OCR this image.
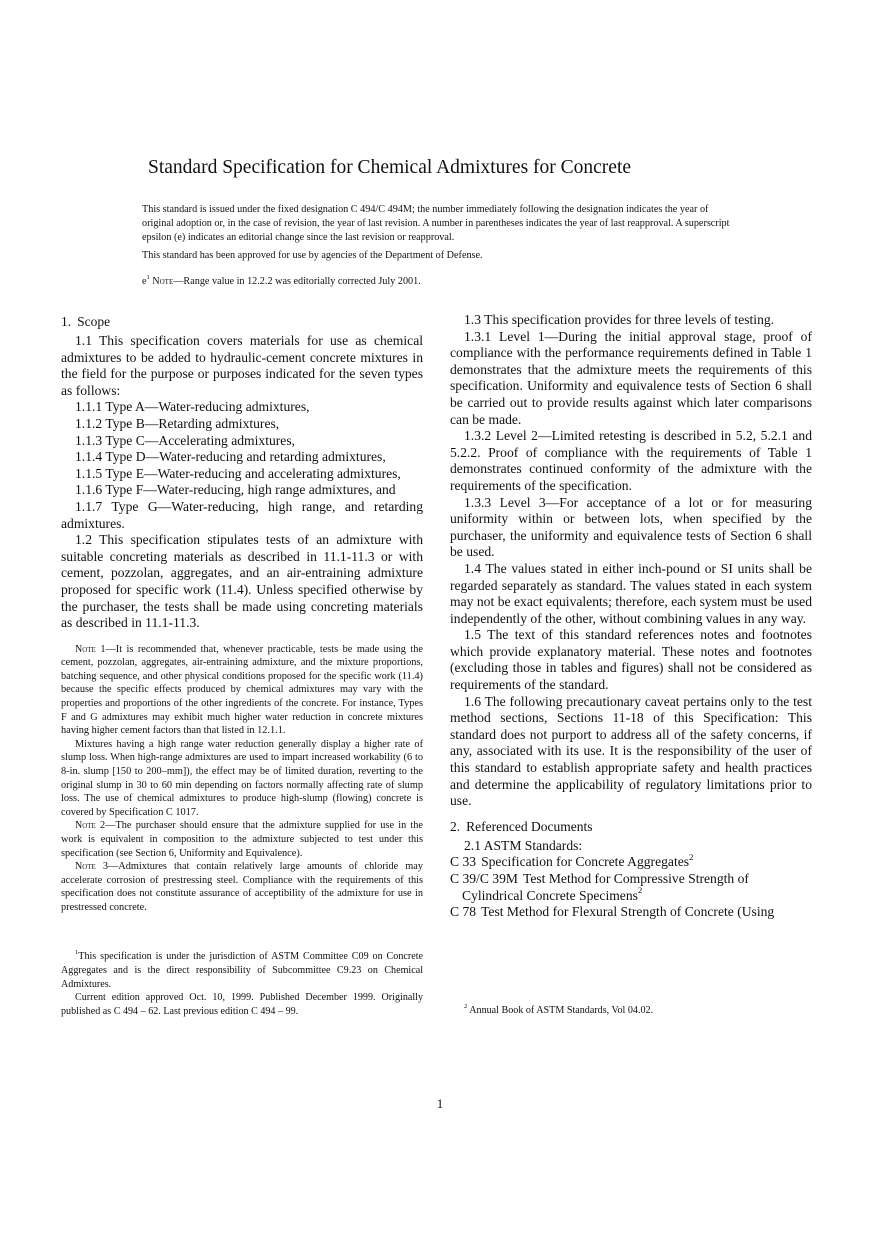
Standard Specification for Chemical Admixtures for Concrete
This standard is issued under the fixed designation C 494/C 494M; the number immediately following the designation indicates the year of original adoption or, in the case of revision, the year of last revision. A number in parentheses indicates the year of last reapproval. A superscript epsilon (e) indicates an editorial change since the last revision or reapproval.
This standard has been approved for use by agencies of the Department of Defense.
$e^1$ Note—Range value in 12.2.2 was editorially corrected July 2001.
1. Scope

1.1 This specification covers materials for use as chemical admixtures to be added to hydraulic-cement concrete mixtures in the field for the purpose or purposes indicated for the seven types as follows:

1.1.1 Type A—Water-reducing admixtures,

1.1.2 Type B—Retarding admixtures,

1.1.3 Type C—Accelerating admixtures,

1.1.4 Type D—Water-reducing and retarding admixtures,

1.1.5 Type E—Water-reducing and accelerating admixtures,

1.1.6 Type F—Water-reducing, high range admixtures, and

1.1.7 Type G—Water-reducing, high range, and retarding admixtures.

1.2 This specification stipulates tests of an admixture with suitable concreting materials as described in 11.1-11.3 or with cement, pozzolan, aggregates, and an air-entraining admixture proposed for specific work (11.4). Unless specified otherwise by the purchaser, the tests shall be made using concreting materials as described in 11.1-11.3.

Note 1—It is recommended that, whenever practicable, tests be made using the cement, pozzolan, aggregates, air-entraining admixture, and the mixture proportions, batching sequence, and other physical conditions proposed for the specific work (11.4) because the specific effects produced by chemical admixtures may vary with the properties and proportions of the other ingredients of the concrete. For instance, Types F and G admixtures may exhibit much higher water reduction in concrete mixtures having higher cement factors than that listed in 12.1.1.

Mixtures having a high range water reduction generally display a higher rate of slump loss. When high-range admixtures are used to impart increased workability (6 to 8-in. slump [150 to 200–mm]), the effect may be of limited duration, reverting to the original slump in 30 to 60 min depending on factors normally affecting rate of slump loss. The use of chemical admixtures to produce high-slump (flowing) concrete is covered by Specification C 1017.

Note 2—The purchaser should ensure that the admixture supplied for use in the work is equivalent in composition to the admixture subjected to test under this specification (see Section 6, Uniformity and Equivalence).

Note 3—Admixtures that contain relatively large amounts of chloride may accelerate corrosion of prestressing steel. Compliance with the requirements of this specification does not constitute assurance of acceptibility of the admixture for use in prestressed concrete.

1.3 This specification provides for three levels of testing.

1.3.1 Level 1—During the initial approval stage, proof of compliance with the performance requirements defined in Table 1 demonstrates that the admixture meets the requirements of this specification. Uniformity and equivalence tests of Section 6 shall be carried out to provide results against which later comparisons can be made.

1.3.2 Level 2—Limited retesting is described in 5.2, 5.2.1 and 5.2.2. Proof of compliance with the requirements of Table 1 demonstrates continued conformity of the admixture with the requirements of the specification.

1.3.3 Level 3—For acceptance of a lot or for measuring uniformity within or between lots, when specified by the purchaser, the uniformity and equivalence tests of Section 6 shall be used.

1.4 The values stated in either inch-pound or SI units shall be regarded separately as standard. The values stated in each system may not be exact equivalents; therefore, each system must be used independently of the other, without combining values in any way.

1.5 The text of this standard references notes and footnotes which provide explanatory material. These notes and footnotes (excluding those in tables and figures) shall not be considered as requirements of the standard.

1.6 The following precautionary caveat pertains only to the test method sections, Sections 11-18 of this Specification: This standard does not purport to address all of the safety concerns, if any, associated with its use. It is the responsibility of the user of this standard to establish appropriate safety and health practices and determine the applicability of regulatory limitations prior to use.

2. Referenced Documents

2.1 ASTM Standards:

C 33 Specification for Concrete Aggregates$^2$

C 39/C 39M Test Method for Compressive Strength of Cylindrical Concrete Specimens$^2$

C 78 Test Method for Flexural Strength of Concrete (Using

$^1$This specification is under the jurisdiction of ASTM Committee C09 on Concrete Aggregates and is the direct responsibility of Subcommittee C9.23 on Chemical Admixtures.

Current edition approved Oct. 10, 1999. Published December 1999. Originally published as C 494 – 62. Last previous edition C 494 – 99.

$^2$ Annual Book of ASTM Standards, Vol 04.02.

1
